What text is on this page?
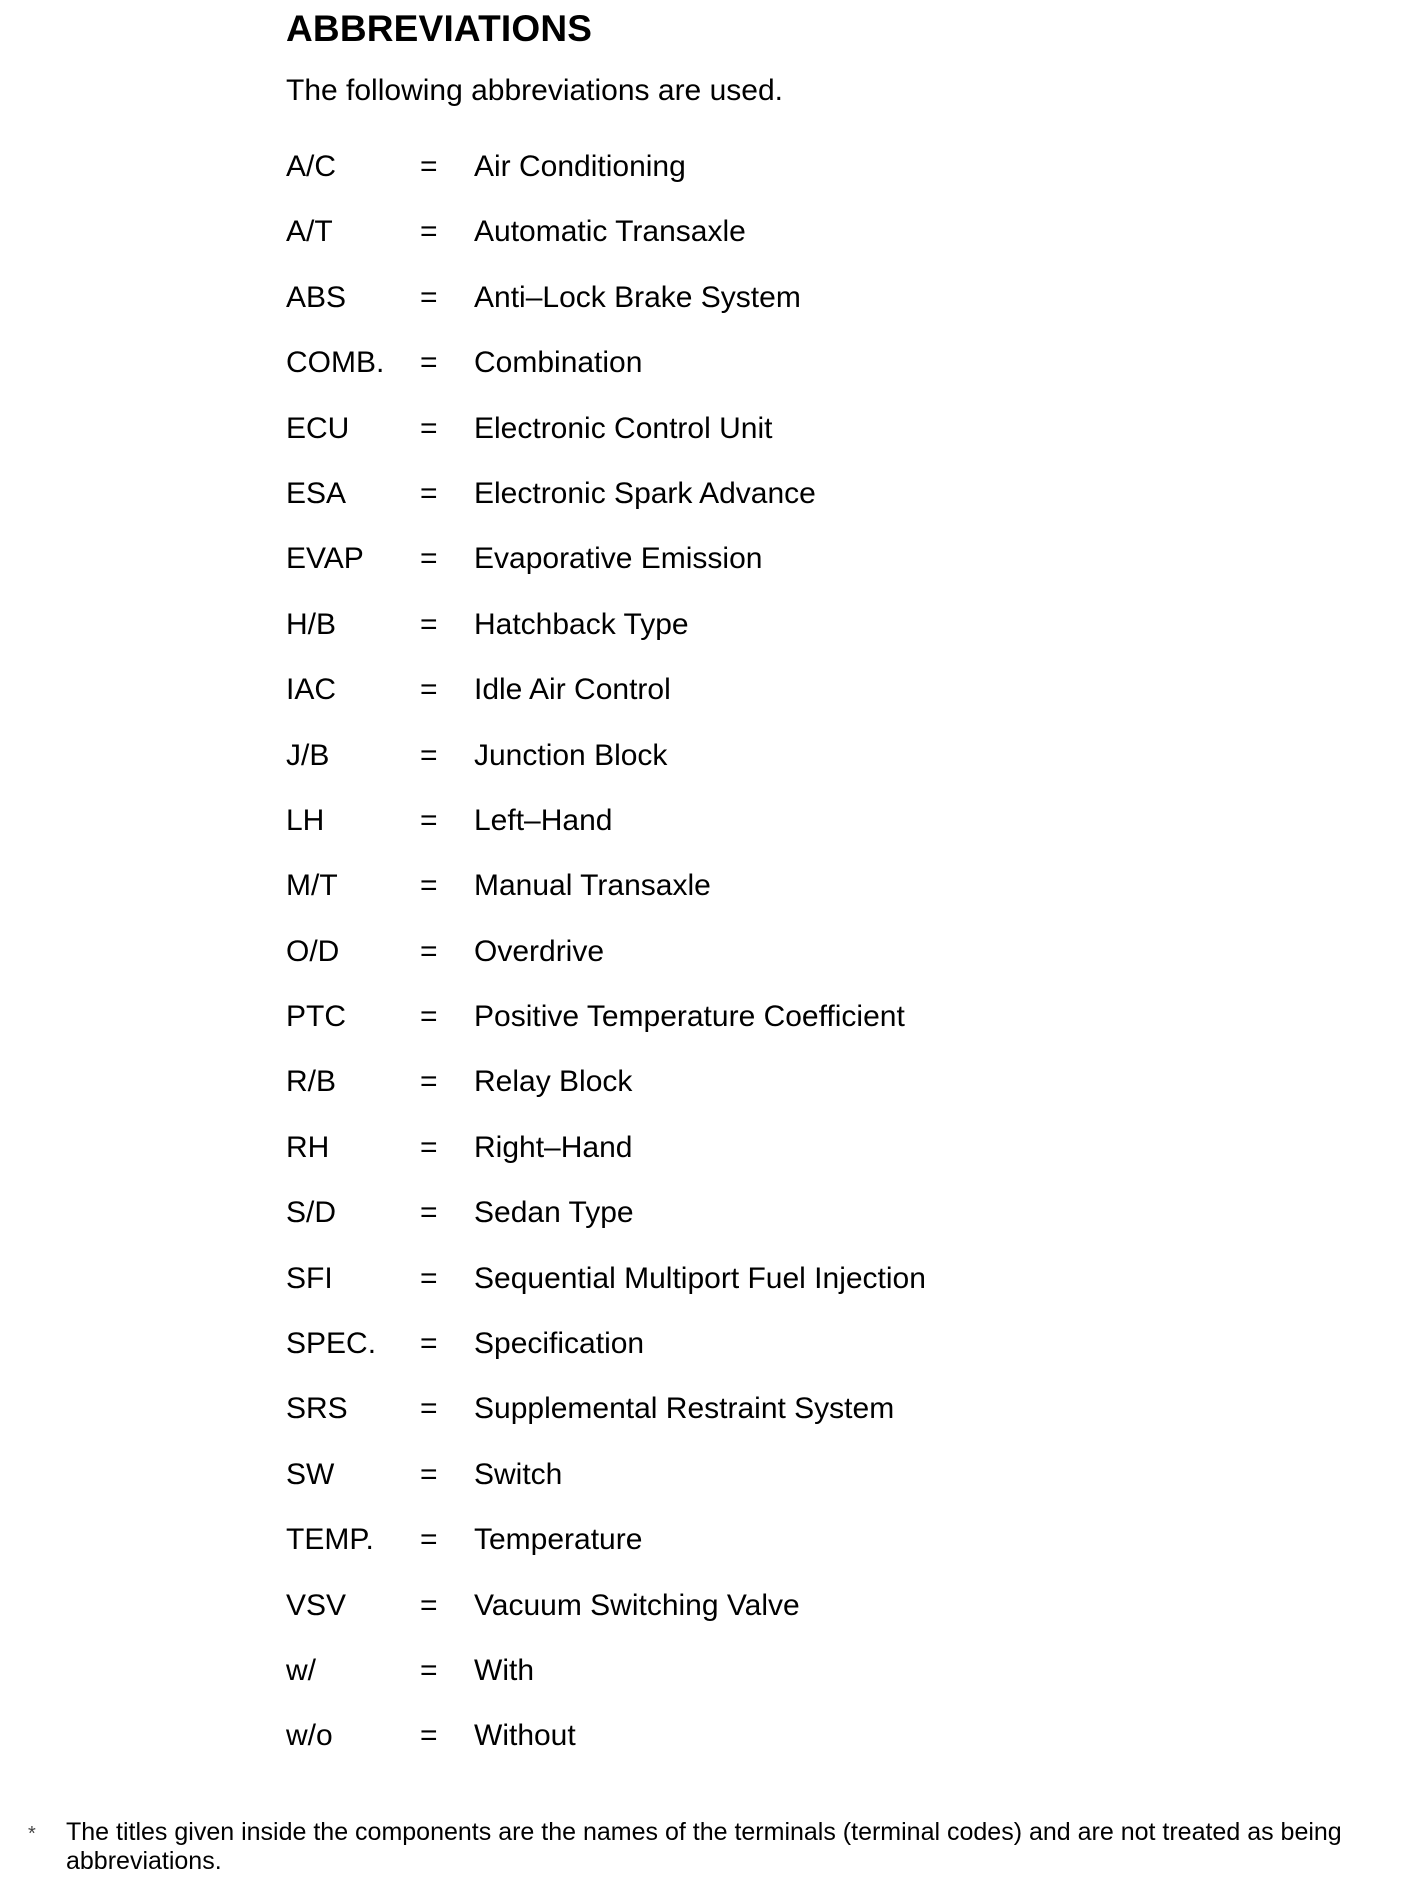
ABBREVIATIONS
The following abbreviations are used.
A/C	=	Air Conditioning
A/T	=	Automatic Transaxle
ABS	=	Anti–Lock Brake System
COMB.	=	Combination
ECU	=	Electronic Control Unit
ESA	=	Electronic Spark Advance
EVAP	=	Evaporative Emission
H/B	=	Hatchback Type
IAC	=	Idle Air Control
J/B	=	Junction Block
LH	=	Left–Hand
M/T	=	Manual Transaxle
O/D	=	Overdrive
PTC	=	Positive Temperature Coefficient
R/B	=	Relay Block
RH	=	Right–Hand
S/D	=	Sedan Type
SFI	=	Sequential Multiport Fuel Injection
SPEC.	=	Specification
SRS	=	Supplemental Restraint System
SW	=	Switch
TEMP.	=	Temperature
VSV	=	Vacuum Switching Valve
w/	=	With
w/o	=	Without
*	The titles given inside the components are the names of the terminals (terminal codes) and are not treated as being abbreviations.
